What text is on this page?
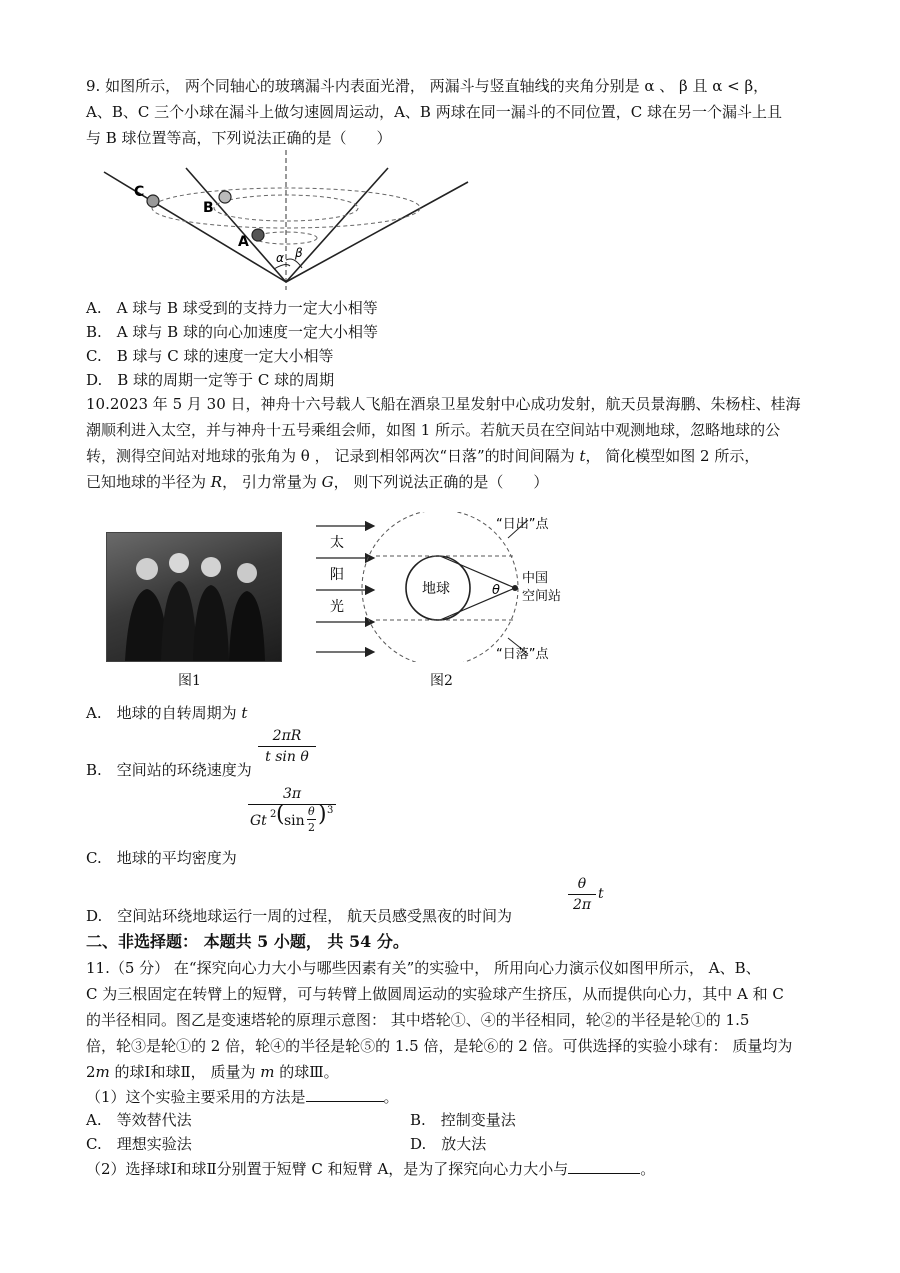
9. 如图所示， 两个同轴心的玻璃漏斗内表面光滑， 两漏斗与竖直轴线的夹角分别是 α 、 β 且 α < β，
A、B、C 三个小球在漏斗上做匀速圆周运动，A、B 两球在同一漏斗的不同位置，C 球在另一个漏斗上且
与 B 球位置等高，下列说法正确的是（　　）
C
B
A
α β
A.　A 球与 B 球受到的支持力一定大小相等
B.　A 球与 B 球的向心加速度一定大小相等
C.　B 球与 C 球的速度一定大小相等
D.　B 球的周期一定等于 C 球的周期
10.2023 年 5 月 30 日，神舟十六号载人飞船在酒泉卫星发射中心成功发射，航天员景海鹏、朱杨柱、桂海
潮顺利进入太空，并与神舟十五号乘组会师，如图 1 所示。若航天员在空间站中观测地球，忽略地球的公
转，测得空间站对地球的张角为 θ ， 记录到相邻两次“日落”的时间间隔为 t， 简化模型如图 2 所示，
已知地球的半径为 R， 引力常量为 G， 则下列说法正确的是（　　）
图1
太
阳
光
地球	θ
中国
空间站
“日出”点
“日落”点
图2
A.　地球的自转周期为 t
2πR
t sin θ
B.　空间站的环绕速度为
3π
Gt 2 ( sin
θ
2
) 3
C.　地球的平均密度为
θ
2π
t
D.　空间站环绕地球运行一周的过程， 航天员感受黑夜的时间为
二、非选择题： 本题共 5 小题， 共 54 分。
11.（5 分） 在“探究向心力大小与哪些因素有关”的实验中， 所用向心力演示仪如图甲所示， A、B、
C 为三根固定在转臂上的短臂，可与转臂上做圆周运动的实验球产生挤压，从而提供向心力，其中 A 和 C
的半径相同。图乙是变速塔轮的原理示意图： 其中塔轮①、④的半径相同，轮②的半径是轮①的 1.5
倍，轮③是轮①的 2 倍，轮④的半径是轮⑤的 1.5 倍，是轮⑥的 2 倍。可供选择的实验小球有： 质量均为
2m 的球Ⅰ和球Ⅱ， 质量为 m 的球Ⅲ。
（1）这个实验主要采用的方法是	。
A.　等效替代法	B.　控制变量法
C.　理想实验法	D.　放大法
（2）选择球Ⅰ和球Ⅱ分别置于短臂 C 和短臂 A，是为了探究向心力大小与	。
